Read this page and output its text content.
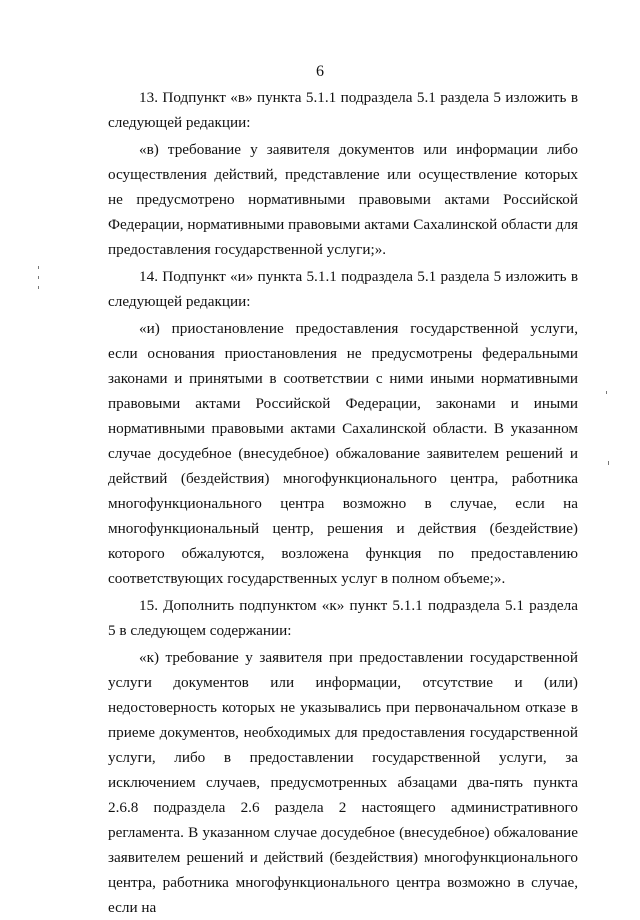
6

13. Подпункт «в» пункта 5.1.1 подраздела 5.1 раздела 5 изложить в следующей редакции:

«в) требование у заявителя документов или информации либо осуществления действий, представление или осуществление которых не предусмотрено нормативными правовыми актами Российской Федерации, нормативными правовыми актами Сахалинской области для предоставления государственной услуги;».

14. Подпункт «и» пункта 5.1.1 подраздела 5.1 раздела 5 изложить в следующей редакции:

«и) приостановление предоставления государственной услуги, если основания приостановления не предусмотрены федеральными законами и принятыми в соответствии с ними иными нормативными правовыми актами Российской Федерации, законами и иными нормативными правовыми актами Сахалинской области. В указанном случае досудебное (внесудебное) обжалование заявителем решений и действий (бездействия) многофункционального центра, работника многофункционального центра возможно в случае, если на многофункциональный центр, решения и действия (бездействие) которого обжалуются, возложена функция по предоставлению соответствующих государственных услуг в полном объеме;».

15. Дополнить подпунктом «к» пункт 5.1.1 подраздела 5.1 раздела 5 в следующем содержании:

«к) требование у заявителя при предоставлении государственной услуги документов или информации, отсутствие и (или) недостоверность которых не указывались при первоначальном отказе в приеме документов, необходимых для предоставления государственной услуги, либо в предоставлении государственной услуги, за исключением случаев, предусмотренных абзацами два-пять пункта 2.6.8 подраздела 2.6 раздела 2 настоящего административного регламента. В указанном случае досудебное (внесудебное) обжалование заявителем решений и действий (бездействия) многофункционального центра, работника многофункционального центра возможно в случае, если на
